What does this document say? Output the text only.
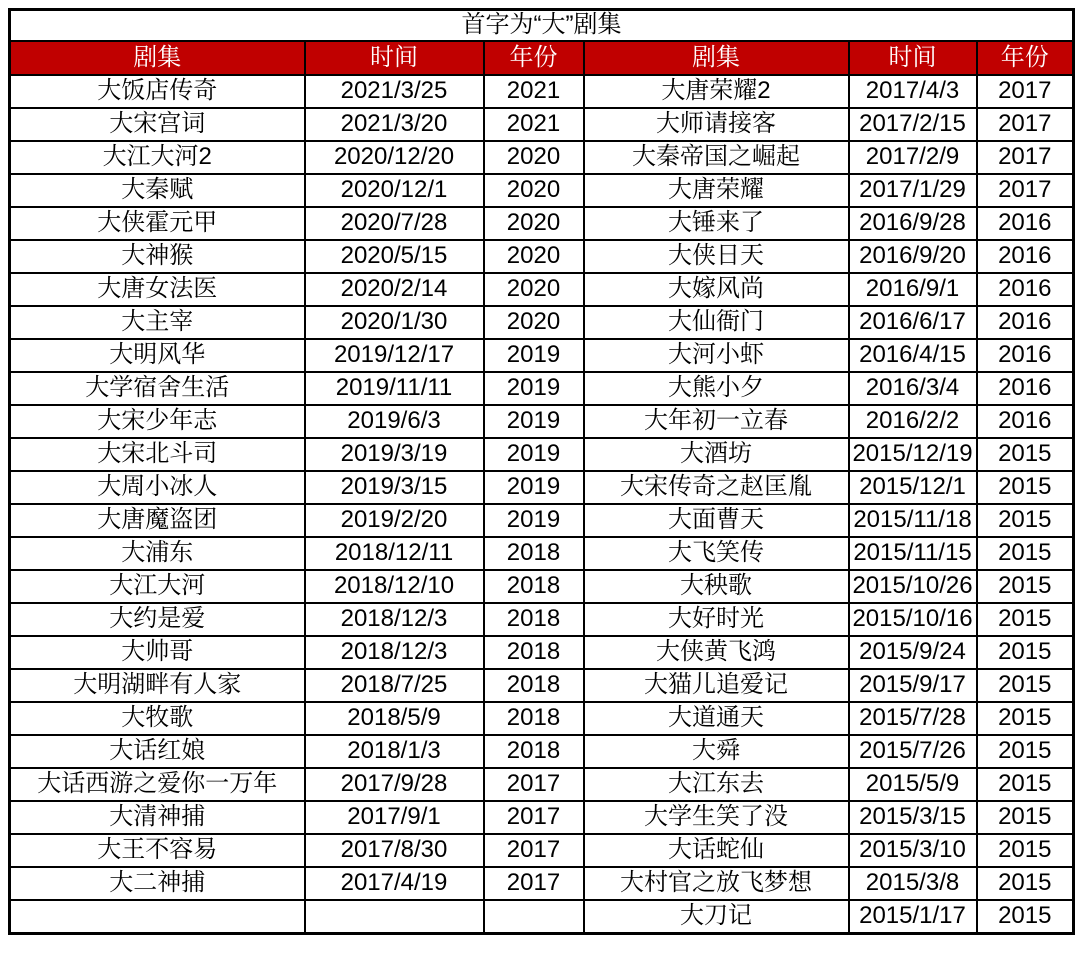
首字为“大”剧集					
剧集	时间	年份	剧集	时间	年份
大饭店传奇	2021/3/25	2021	大唐荣耀2	2017/4/3	2017
大宋宫词	2021/3/20	2021	大师请接客	2017/2/15	2017
大江大河2	2020/12/20	2020	大秦帝国之崛起	2017/2/9	2017
大秦赋	2020/12/1	2020	大唐荣耀	2017/1/29	2017
大侠霍元甲	2020/7/28	2020	大锤来了	2016/9/28	2016
大神猴	2020/5/15	2020	大侠日天	2016/9/20	2016
大唐女法医	2020/2/14	2020	大嫁风尚	2016/9/1	2016
大主宰	2020/1/30	2020	大仙衙门	2016/6/17	2016
大明风华	2019/12/17	2019	大河小虾	2016/4/15	2016
大学宿舍生活	2019/11/11	2019	大熊小夕	2016/3/4	2016
大宋少年志	2019/6/3	2019	大年初一立春	2016/2/2	2016
大宋北斗司	2019/3/19	2019	大酒坊	2015/12/19	2015
大周小冰人	2019/3/15	2019	大宋传奇之赵匡胤	2015/12/1	2015
大唐魔盗团	2019/2/20	2019	大面曹天	2015/11/18	2015
大浦东	2018/12/11	2018	大飞笑传	2015/11/15	2015
大江大河	2018/12/10	2018	大秧歌	2015/10/26	2015
大约是爱	2018/12/3	2018	大好时光	2015/10/16	2015
大帅哥	2018/12/3	2018	大侠黄飞鸿	2015/9/24	2015
大明湖畔有人家	2018/7/25	2018	大猫儿追爱记	2015/9/17	2015
大牧歌	2018/5/9	2018	大道通天	2015/7/28	2015
大话红娘	2018/1/3	2018	大舜	2015/7/26	2015
大话西游之爱你一万年	2017/9/28	2017	大江东去	2015/5/9	2015
大清神捕	2017/9/1	2017	大学生笑了没	2015/3/15	2015
大王不容易	2017/8/30	2017	大话蛇仙	2015/3/10	2015
大二神捕	2017/4/19	2017	大村官之放飞梦想	2015/3/8	2015
			大刀记	2015/1/17	2015
